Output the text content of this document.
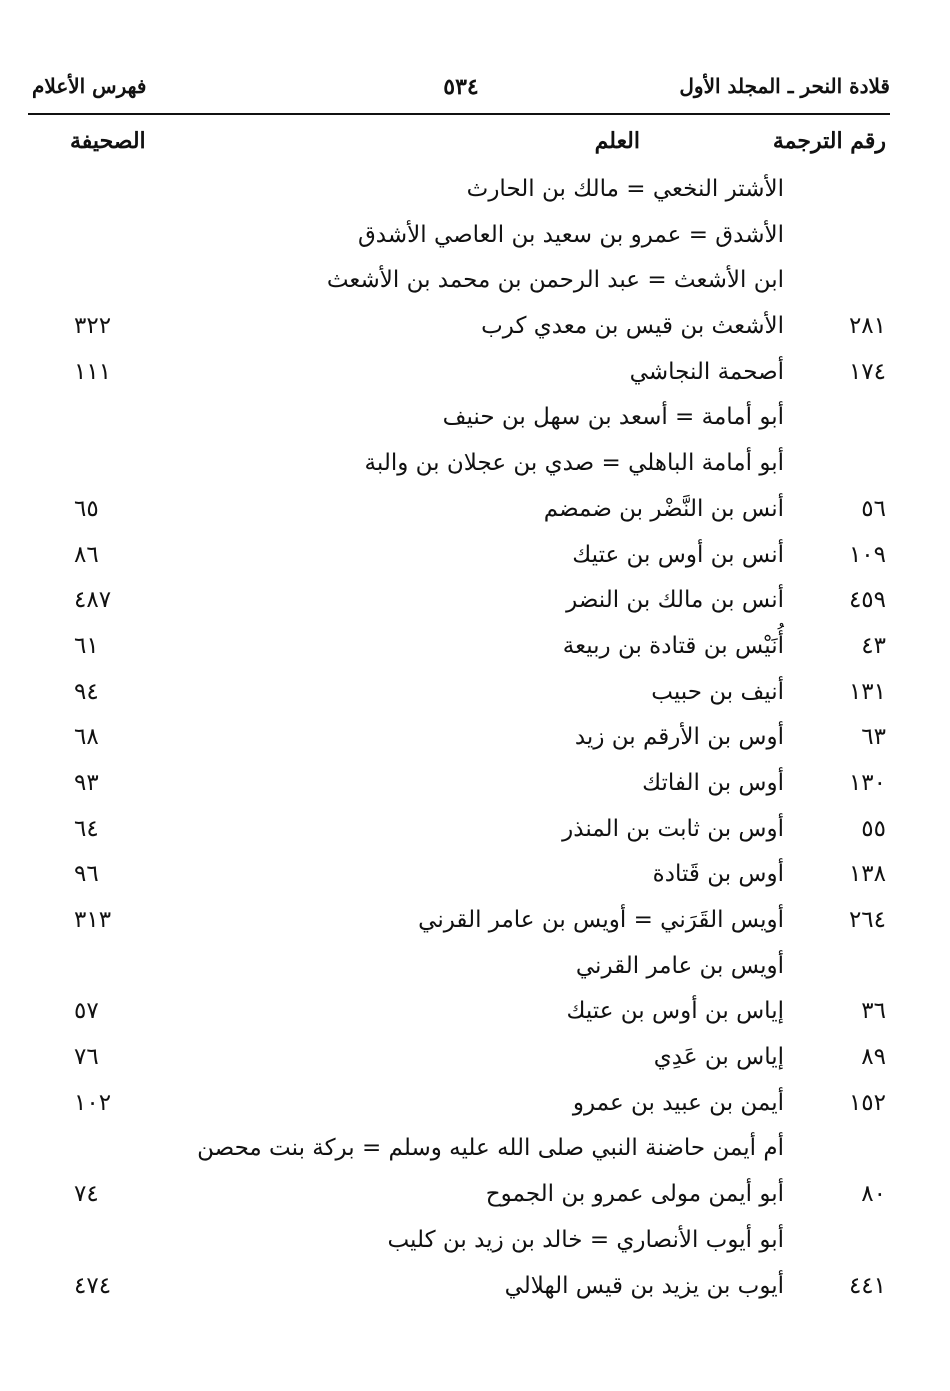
قلادة النحر ـ المجلد الأول
٥٣٤
فهرس الأعلام
رقم الترجمة
العلم
الصحيفة
الأشتر النخعي = مالك بن الحارث
الأشدق = عمرو بن سعيد بن العاصي الأشدق
ابن الأشعث = عبد الرحمن بن محمد بن الأشعث
٢٨١
الأشعث بن قيس بن معدي كرب
٣٢٢
١٧٤
أصحمة النجاشي
١١١
أبو أمامة = أسعد بن سهل بن حنيف
أبو أمامة الباهلي = صدي بن عجلان بن والبة
٥٦
أنس بن النَّضْر بن ضمضم
٦٥
١٠٩
أنس بن أوس بن عتيك
٨٦
٤٥٩
أنس بن مالك بن النضر
٤٨٧
٤٣
أُنَيْس بن قتادة بن ربيعة
٦١
١٣١
أنيف بن حبيب
٩٤
٦٣
أوس بن الأرقم بن زيد
٦٨
١٣٠
أوس بن الفاتك
٩٣
٥٥
أوس بن ثابت بن المنذر
٦٤
١٣٨
أوس بن قَتادة
٩٦
٢٦٤
أويس القَرَني = أويس بن عامر القرني
٣١٣
أويس بن عامر القرني
٣٦
إياس بن أوس بن عتيك
٥٧
٨٩
إياس بن عَدِي
٧٦
١٥٢
أيمن بن عبيد بن عمرو
١٠٢
أم أيمن حاضنة النبي صلى الله عليه وسلم = بركة بنت محصن
٨٠
أبو أيمن مولى عمرو بن الجموح
٧٤
أبو أيوب الأنصاري = خالد بن زيد بن كليب
٤٤١
أيوب بن يزيد بن قيس الهلالي
٤٧٤
